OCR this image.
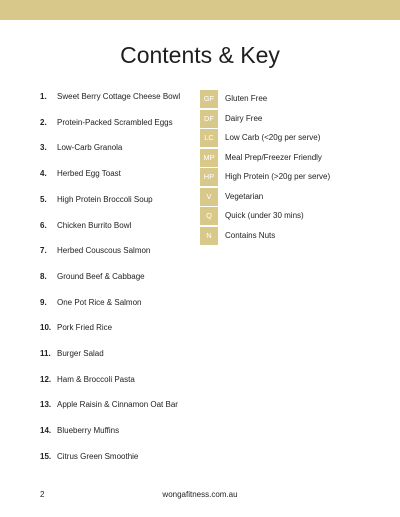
Contents & Key
1. Sweet Berry Cottage Cheese Bowl
2. Protein-Packed Scrambled Eggs
3. Low-Carb Granola
4. Herbed Egg Toast
5. High Protein Broccoli Soup
6. Chicken Burrito Bowl
7. Herbed Couscous Salmon
8. Ground Beef & Cabbage
9. One Pot Rice & Salmon
10. Pork Fried Rice
11. Burger Salad
12. Ham & Broccoli Pasta
13. Apple Raisin & Cinnamon Oat Bar
14. Blueberry Muffins
15. Citrus Green Smoothie
GF	Gluten Free
DF	Dairy Free
LC	Low Carb (<20g per serve)
MP	Meal Prep/Freezer Friendly
HP	High Protein (>20g per serve)
V	Vegetarian
Q	Quick (under 30 mins)
N	Contains Nuts
2	wongafitness.com.au
